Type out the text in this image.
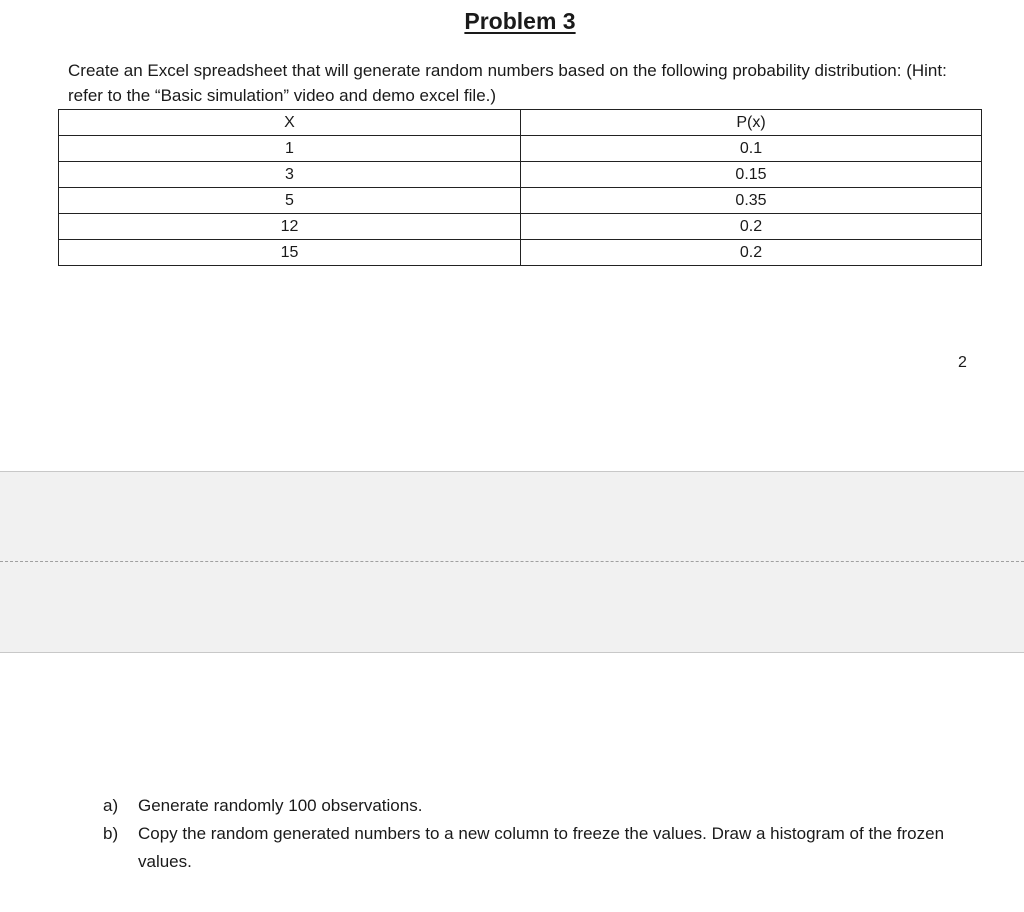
Problem 3
Create an Excel spreadsheet that will generate random numbers based on the following probability distribution: (Hint: refer to the “Basic simulation” video and demo excel file.)
X	P(x)
1	0.1
3	0.15
5	0.35
12	0.2
15	0.2
2
a)	Generate randomly 100 observations.
b)	Copy the random generated numbers to a new column to freeze the values. Draw a histogram of the frozen values.
